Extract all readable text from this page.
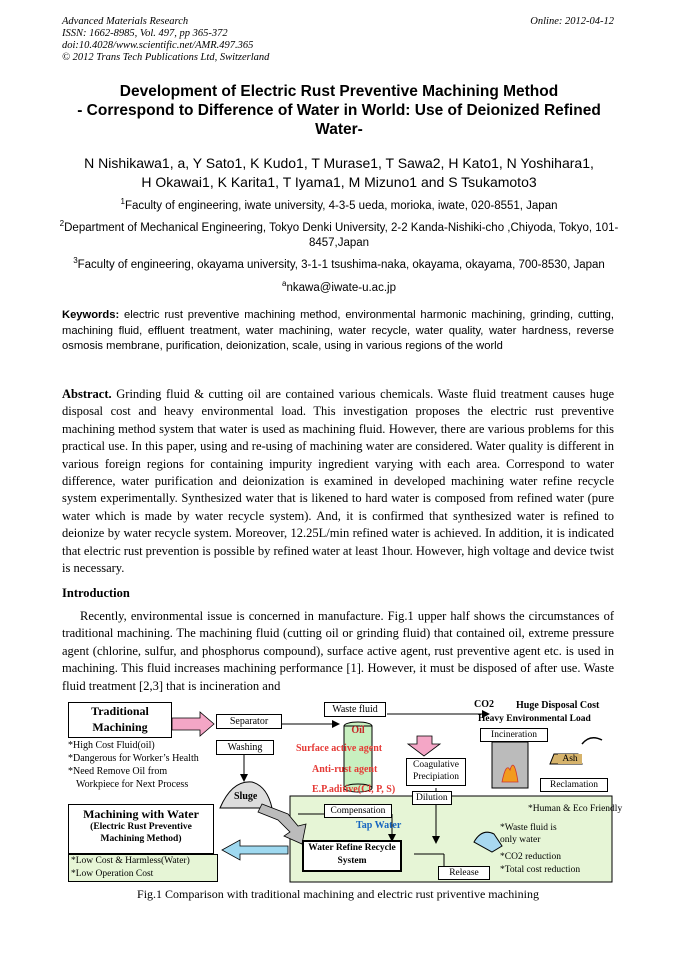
Advanced Materials Research
ISSN: 1662-8985, Vol. 497, pp 365-372
doi:10.4028/www.scientific.net/AMR.497.365
© 2012 Trans Tech Publications Ltd, Switzerland
Online: 2012-04-12
Development of Electric Rust Preventive Machining Method
- Correspond to Difference of Water in World: Use of Deionized Refined
Water-
N Nishikawa1, a, Y Sato1, K Kudo1, T Murase1, T Sawa2, H Kato1, N Yoshihara1,
H Okawai1, K Karita1, T Iyama1, M Mizuno1 and S Tsukamoto3
$^1$Faculty of engineering, iwate university, 4-3-5 ueda, morioka, iwate, 020-8551, Japan
$^2$Department of Mechanical Engineering, Tokyo Denki University, 2-2 Kanda-Nishiki-cho ,Chiyoda, Tokyo, 101-8457,Japan
$^3$Faculty of engineering, okayama university, 3-1-1 tsushima-naka, okayama, okayama, 700-8530, Japan
$^a$nkawa@iwate-u.ac.jp
Keywords: electric rust preventive machining method, environmental harmonic machining, grinding, cutting, machining fluid, effluent treatment, water machining, water recycle, water quality, water hardness, reverse osmosis membrane, purification, deionization, scale, using in various regions of the world
Abstract. Grinding fluid & cutting oil are contained various chemicals. Waste fluid treatment causes huge disposal cost and heavy environmental load. This investigation proposes the electric rust preventive machining method system that water is used as machining fluid. However, there are various problems for this practical use. In this paper, using and re-using of machining water are considered. Water quality is different in various foreign regions for containing impurity ingredient varying with each area. Correspond to water difference, water purification and deionization is examined in developed machining water refine recycle system experimentally. Synthesized water that is likened to hard water is composed from refined water (pure water which is made by water recycle system). And, it is confirmed that synthesized water is refined to deionize by water recycle system. Moreover, 12.25L/min refined water is achieved. In addition, it is indicated that electric rust prevention is possible by refined water at least 1hour. However, high voltage and device twist is necessary.
Introduction
Recently, environmental issue is concerned in manufacture. Fig.1 upper half shows the circumstances of traditional machining. The machining fluid (cutting oil or grinding fluid) that contained oil, extreme pressure agent (chlorine, sulfur, and phosphorus compound), surface active agent, rust preventive agent etc. is used in machining. This fluid increases machining performance [1]. However, it must be disposed of after use. Waste fluid treatment [2,3] that is incineration and
Traditional Machining	Separator
Washing
Waste fluid
Oil
Surface active agent
Anti-rust agent
E.P.aditive(Cl, P, S)
CO2 Huge Disposal Cost
Heavy Environmental Load
Incineration
Ash
Reclamation
Coagulative Precipiation
Dilution
*High Cost Fluid(oil)
*Dangerous for Worker’s Health
*Need Remove Oil from
Workpiece for Next Process
Sluge
Machining with Water
(Electric Rust Preventive Machining Method)
*Low Cost & Harmless(Water)
*Low Operation Cost
Compensation
Tap Water
Water Refine Recycle System
Release
*Human & Eco Friendly
*Waste fluid is only water
*CO2 reduction
*Total cost reduction
Fig.1 Comparison with traditional machining and electric rust priventive machining
